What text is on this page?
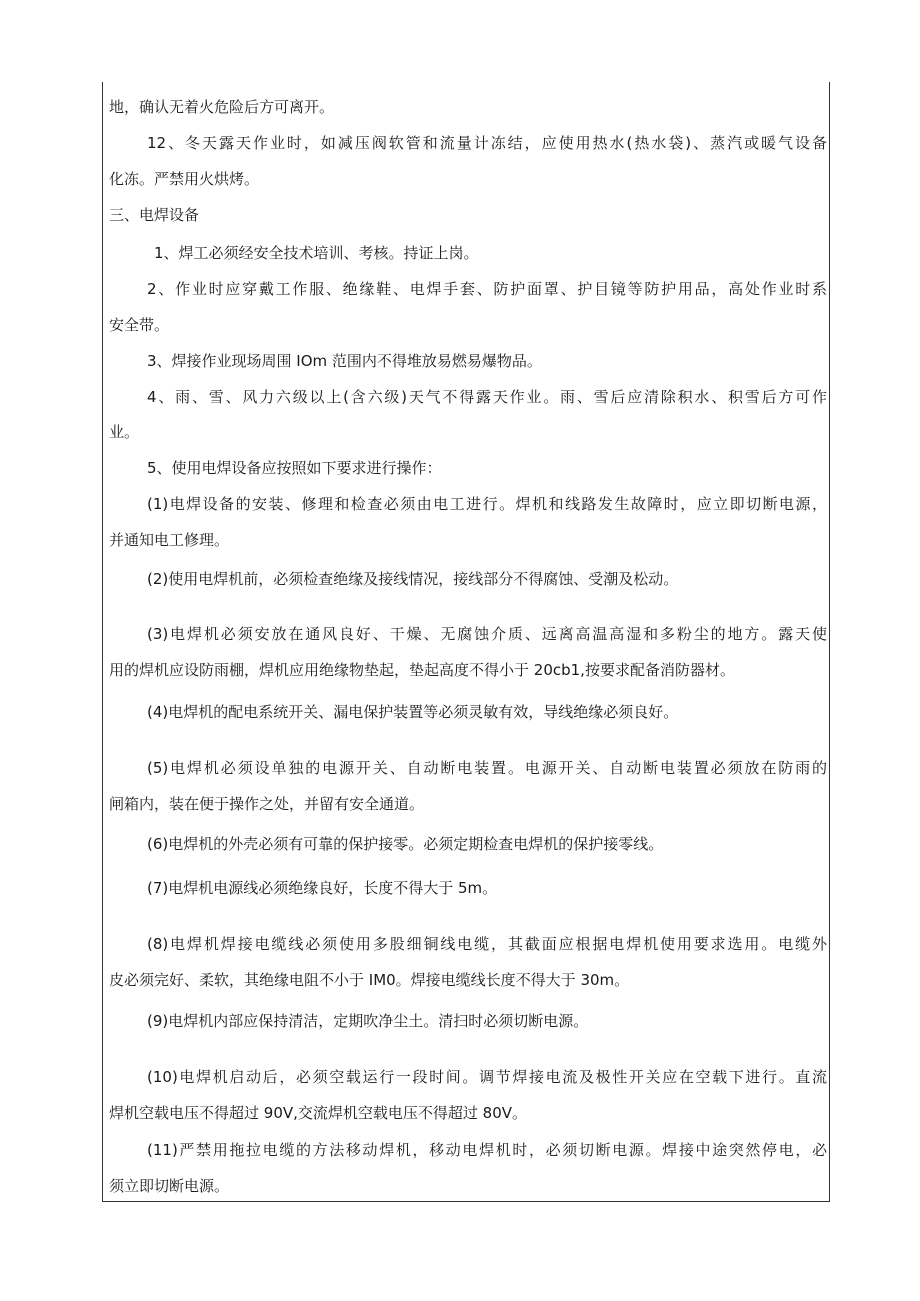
地，确认无着火危险后方可离开。
12、冬天露天作业时，如减压阀软管和流量计冻结，应使用热水(热水袋)、蒸汽或暖气设备
化冻。严禁用火烘烤。
三、电焊设备
1、焊工必须经安全技术培训、考核。持证上岗。
2、作业时应穿戴工作服、绝缘鞋、电焊手套、防护面罩、护目镜等防护用品，高处作业时系
安全带。
3、焊接作业现场周围 IOm 范围内不得堆放易燃易爆物品。
4、雨、雪、风力六级以上(含六级)天气不得露天作业。雨、雪后应清除积水、积雪后方可作
业。
5、使用电焊设备应按照如下要求进行操作：
(1)电焊设备的安装、修理和检查必须由电工进行。焊机和线路发生故障时，应立即切断电源，
并通知电工修理。
(2)使用电焊机前，必须检查绝缘及接线情况，接线部分不得腐蚀、受潮及松动。
(3)电焊机必须安放在通风良好、干燥、无腐蚀介质、远离高温高湿和多粉尘的地方。露天使
用的焊机应设防雨棚，焊机应用绝缘物垫起，垫起高度不得小于 20cb1,按要求配备消防器材。
(4)电焊机的配电系统开关、漏电保护装置等必须灵敏有效，导线绝缘必须良好。
(5)电焊机必须设单独的电源开关、自动断电装置。电源开关、自动断电装置必须放在防雨的
闸箱内，装在便于操作之处，并留有安全通道。
(6)电焊机的外壳必须有可靠的保护接零。必须定期检查电焊机的保护接零线。
(7)电焊机电源线必须绝缘良好，长度不得大于 5m。
(8)电焊机焊接电缆线必须使用多股细铜线电缆，其截面应根据电焊机使用要求选用。电缆外
皮必须完好、柔软，其绝缘电阻不小于 IM0。焊接电缆线长度不得大于 30m。
(9)电焊机内部应保持清洁，定期吹净尘土。清扫时必须切断电源。
(10)电焊机启动后，必须空载运行一段时间。调节焊接电流及极性开关应在空载下进行。直流
焊机空载电压不得超过 90V,交流焊机空载电压不得超过 80V。
(11)严禁用拖拉电缆的方法移动焊机，移动电焊机时，必须切断电源。焊接中途突然停电，必
须立即切断电源。
